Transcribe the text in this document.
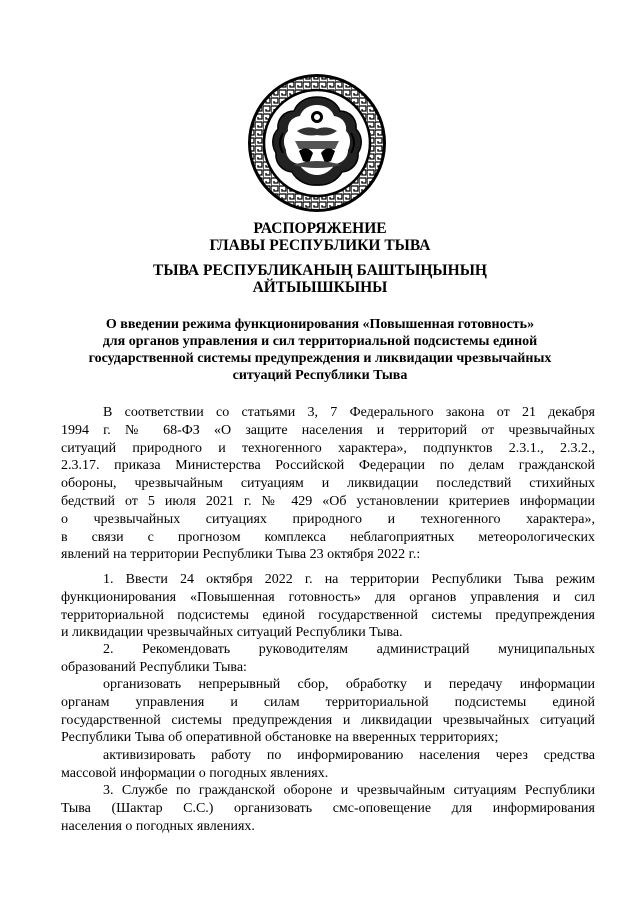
РАСПОРЯЖЕНИЕ
ГЛАВЫ РЕСПУБЛИКИ ТЫВА
ТЫВА РЕСПУБЛИКАНЫҢ БАШТЫҢЫНЫҢ
АЙТЫЫШКЫНЫ
О введении режима функционирования «Повышенная готовность»
для органов управления и сил территориальной подсистемы единой
государственной системы предупреждения и ликвидации чрезвычайных
ситуаций Республики Тыва
В соответствии со статьями 3, 7 Федерального закона от 21 декабря
1994 г. № 68-ФЗ «О защите населения и территорий от чрезвычайных
ситуаций природного и техногенного характера», подпунктов 2.3.1., 2.3.2.,
2.3.17. приказа Министерства Российской Федерации по делам гражданской
обороны, чрезвычайным ситуациям и ликвидации последствий стихийных
бедствий от 5 июля 2021 г. № 429 «Об установлении критериев информации
о чрезвычайных ситуациях природного и техногенного характера»,
в связи с прогнозом комплекса неблагоприятных метеорологических
явлений на территории Республики Тыва 23 октября 2022 г.:
1. Ввести 24 октября 2022 г. на территории Республики Тыва режим
функционирования «Повышенная готовность» для органов управления и сил
территориальной подсистемы единой государственной системы предупреждения
и ликвидации чрезвычайных ситуаций Республики Тыва.
2. Рекомендовать руководителям администраций муниципальных
образований Республики Тыва:
организовать непрерывный сбор, обработку и передачу информации
органам управления и силам территориальной подсистемы единой
государственной системы предупреждения и ликвидации чрезвычайных ситуаций
Республики Тыва об оперативной обстановке на вверенных территориях;
активизировать работу по информированию населения через средства
массовой информации о погодных явлениях.
3. Службе по гражданской обороне и чрезвычайным ситуациям Республики
Тыва (Шактар С.С.) организовать смс-оповещение для информирования
населения о погодных явлениях.
